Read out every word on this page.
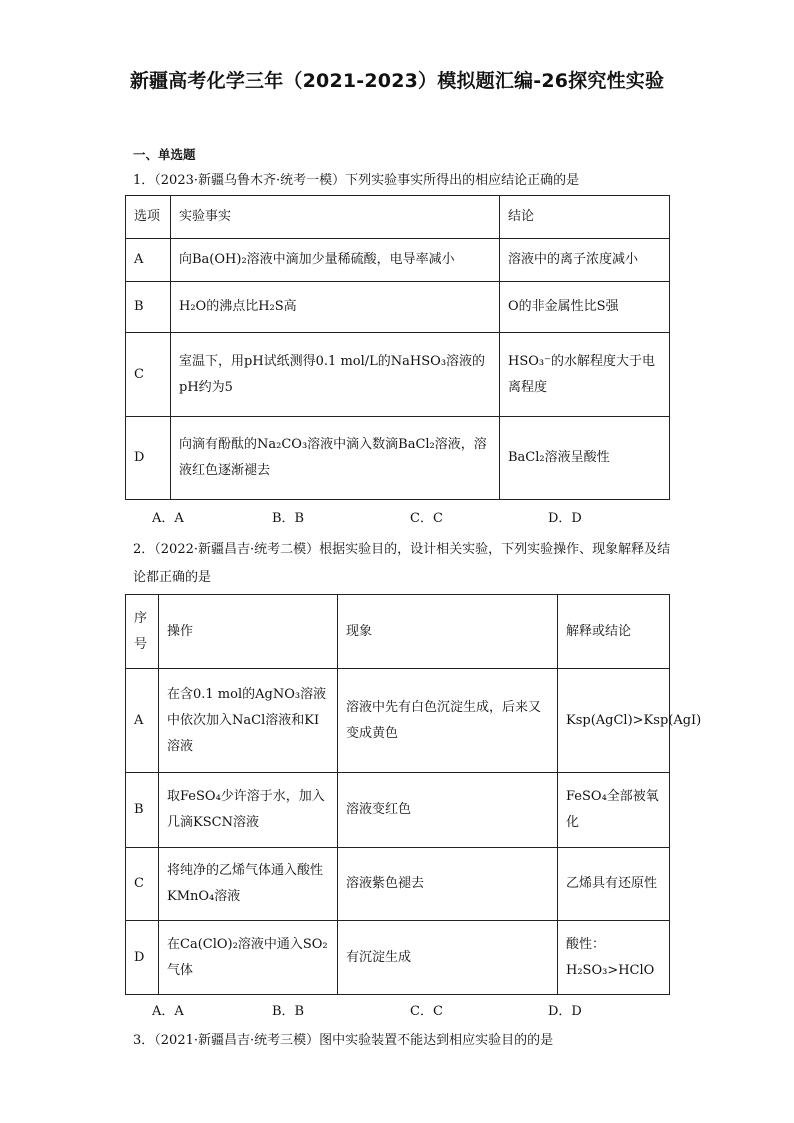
新疆高考化学三年（2021-2023）模拟题汇编-26探究性实验
一、单选题
1．（2023·新疆乌鲁木齐·统考一模）下列实验事实所得出的相应结论正确的是
选项	实验事实	结论
A	向Ba(OH)₂溶液中滴加少量稀硫酸，电导率减小	溶液中的离子浓度减小
B	H₂O的沸点比H₂S高	O的非金属性比S强
C	室温下，用pH试纸测得0.1 mol/L的NaHSO₃溶液的pH约为5	HSO₃⁻的水解程度大于电离程度
D	向滴有酚酞的Na₂CO₃溶液中滴入数滴BaCl₂溶液，溶液红色逐渐褪去	BaCl₂溶液呈酸性
A．A	B．B	C．C	D．D
2．（2022·新疆昌吉·统考二模）根据实验目的，设计相关实验，下列实验操作、现象解释及结论都正确的是
序号	操作	现象	解释或结论
A	在含0.1 mol的AgNO₃溶液中依次加入NaCl溶液和KI溶液	溶液中先有白色沉淀生成，后来又变成黄色	Ksp(AgCl)>Ksp(AgI)
B	取FeSO₄少许溶于水，加入几滴KSCN溶液	溶液变红色	FeSO₄全部被氧化
C	将纯净的乙烯气体通入酸性KMnO₄溶液	溶液紫色褪去	乙烯具有还原性
D	在Ca(ClO)₂溶液中通入SO₂气体	有沉淀生成	酸性：H₂SO₃>HClO
A．A	B．B	C．C	D．D
3．（2021·新疆昌吉·统考三模）图中实验装置不能达到相应实验目的的是
